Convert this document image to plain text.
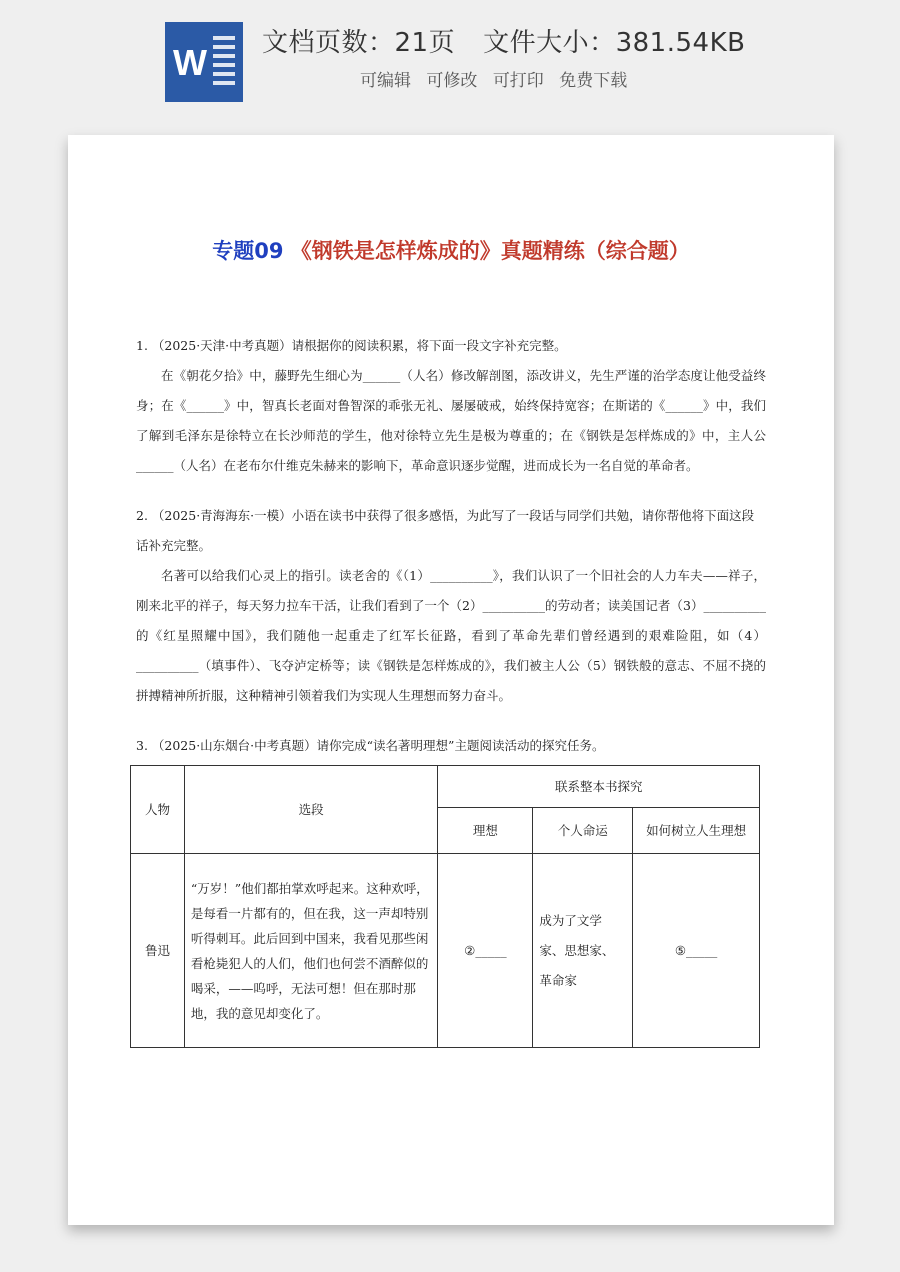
W 文档页数：21页 文件大小：381.54KB
可编辑 可修改 可打印 免费下载
专题09 《钢铁是怎样炼成的》真题精练（综合题）

1. （2025·天津·中考真题）请根据你的阅读积累，将下面一段文字补充完整。

在《朝花夕拾》中，藤野先生细心为______（人名）修改解剖图，添改讲义，先生严谨的治学态度让他受益终身；在《______》中，智真长老面对鲁智深的乖张无礼、屡屡破戒，始终保持宽容；在斯诺的《______》中，我们了解到毛泽东是徐特立在长沙师范的学生，他对徐特立先生是极为尊重的；在《钢铁是怎样炼成的》中，主人公______（人名）在老布尔什维克朱赫来的影响下，革命意识逐步觉醒，进而成长为一名自觉的革命者。

2. （2025·青海海东·一模）小语在读书中获得了很多感悟，为此写了一段话与同学们共勉，请你帮他将下面这段话补充完整。

名著可以给我们心灵上的指引。读老舍的《（1）__________》，我们认识了一个旧社会的人力车夫——祥子，刚来北平的祥子，每天努力拉车干活，让我们看到了一个（2）__________的劳动者；读美国记者（3）__________的《红星照耀中国》，我们随他一起重走了红军长征路，看到了革命先辈们曾经遇到的艰难险阻，如（4）__________（填事件）、飞夺泸定桥等；读《钢铁是怎样炼成的》，我们被主人公（5）钢铁般的意志、不屈不挠的拼搏精神所折服，这种精神引领着我们为实现人生理想而努力奋斗。

3. （2025·山东烟台·中考真题）请你完成“读名著明理想”主题阅读活动的探究任务。

人物	选段	联系整本书探究		
		理想	个人命运	如何树立人生理想
鲁迅	“万岁！”他们都拍掌欢呼起来。这种欢呼，是每看一片都有的，但在我，这一声却特别听得刺耳。此后回到中国来，我看见那些闲看枪毙犯人的人们，他们也何尝不酒醉似的喝采，——呜呼，无法可想！但在那时那地，我的意见却变化了。	②_____	成为了文学家、思想家、革命家	⑤_____
